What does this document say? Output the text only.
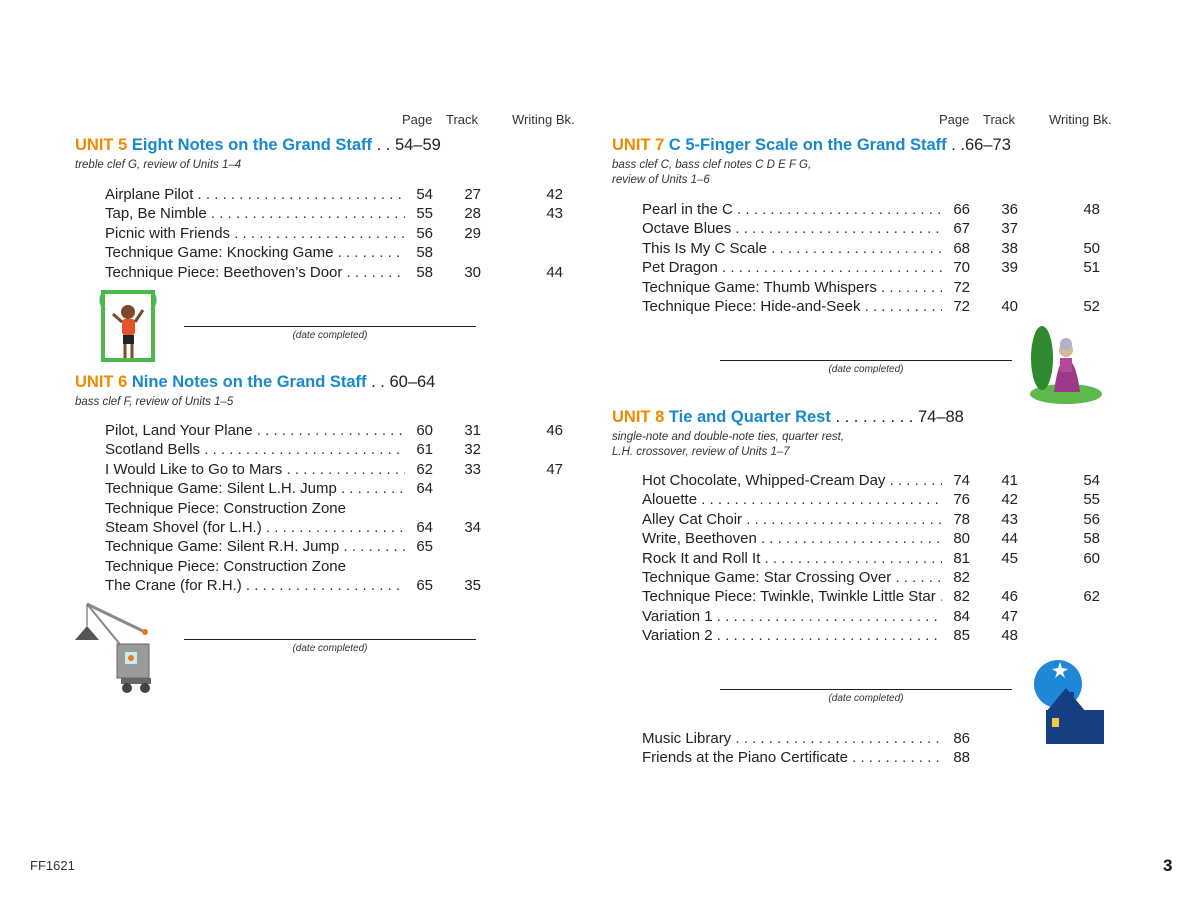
Page Track	Writing Bk.
UNIT 5 Eight Notes on the Grand Staff . . 54–59
treble clef G, review of Units 1–4
Airplane Pilot . . .	54	27	42
Tap, Be Nimble . . .	55	28	43
Picnic with Friends . . .	56	29
Technique Game: Knocking Game . . .	58
Technique Piece: Beethoven’s Door . . .	58	30	44
(date completed)
UNIT 6 Nine Notes on the Grand Staff . . 60–64
bass clef F, review of Units 1–5
Pilot, Land Your Plane . . .	60	31	46
Scotland Bells . . .	61	32
I Would Like to Go to Mars . . .	62	33	47
Technique Game: Silent L.H. Jump . . .	64
Technique Piece: Construction Zone
Steam Shovel (for L.H.) . . .	64	34
Technique Game: Silent R.H. Jump . . .	65
Technique Piece: Construction Zone
The Crane (for R.H.) . . .	65	35
(date completed)
Page Track	Writing Bk.
UNIT 7 C 5-Finger Scale on the Grand Staff . .66–73
bass clef C, bass clef notes C D E F G,
review of Units 1–6
Pearl in the C . . .	66	36	48
Octave Blues . . .	67	37
This Is My C Scale . . .	68	38	50
Pet Dragon . . .	70	39	51
Technique Game: Thumb Whispers . . .	72
Technique Piece: Hide-and-Seek . . .	72	40	52
(date completed)
UNIT 8 Tie and Quarter Rest . . . . . . . . . 74–88
single-note and double-note ties, quarter rest,
L.H. crossover, review of Units 1–7
Hot Chocolate, Whipped-Cream Day . . .	74	41	54
Alouette . . .	76	42	55
Alley Cat Choir . . .	78	43	56
Write, Beethoven . . .	80	44	58
Rock It and Roll It . . .	81	45	60
Technique Game: Star Crossing Over . . .	82
Technique Piece: Twinkle, Twinkle Little Star . . .	82	46	62
Variation 1 . . .	84	47
Variation 2 . . .	85	48
(date completed)
Music Library . . .	86
Friends at the Piano Certificate . . .	88
FF1621	3
